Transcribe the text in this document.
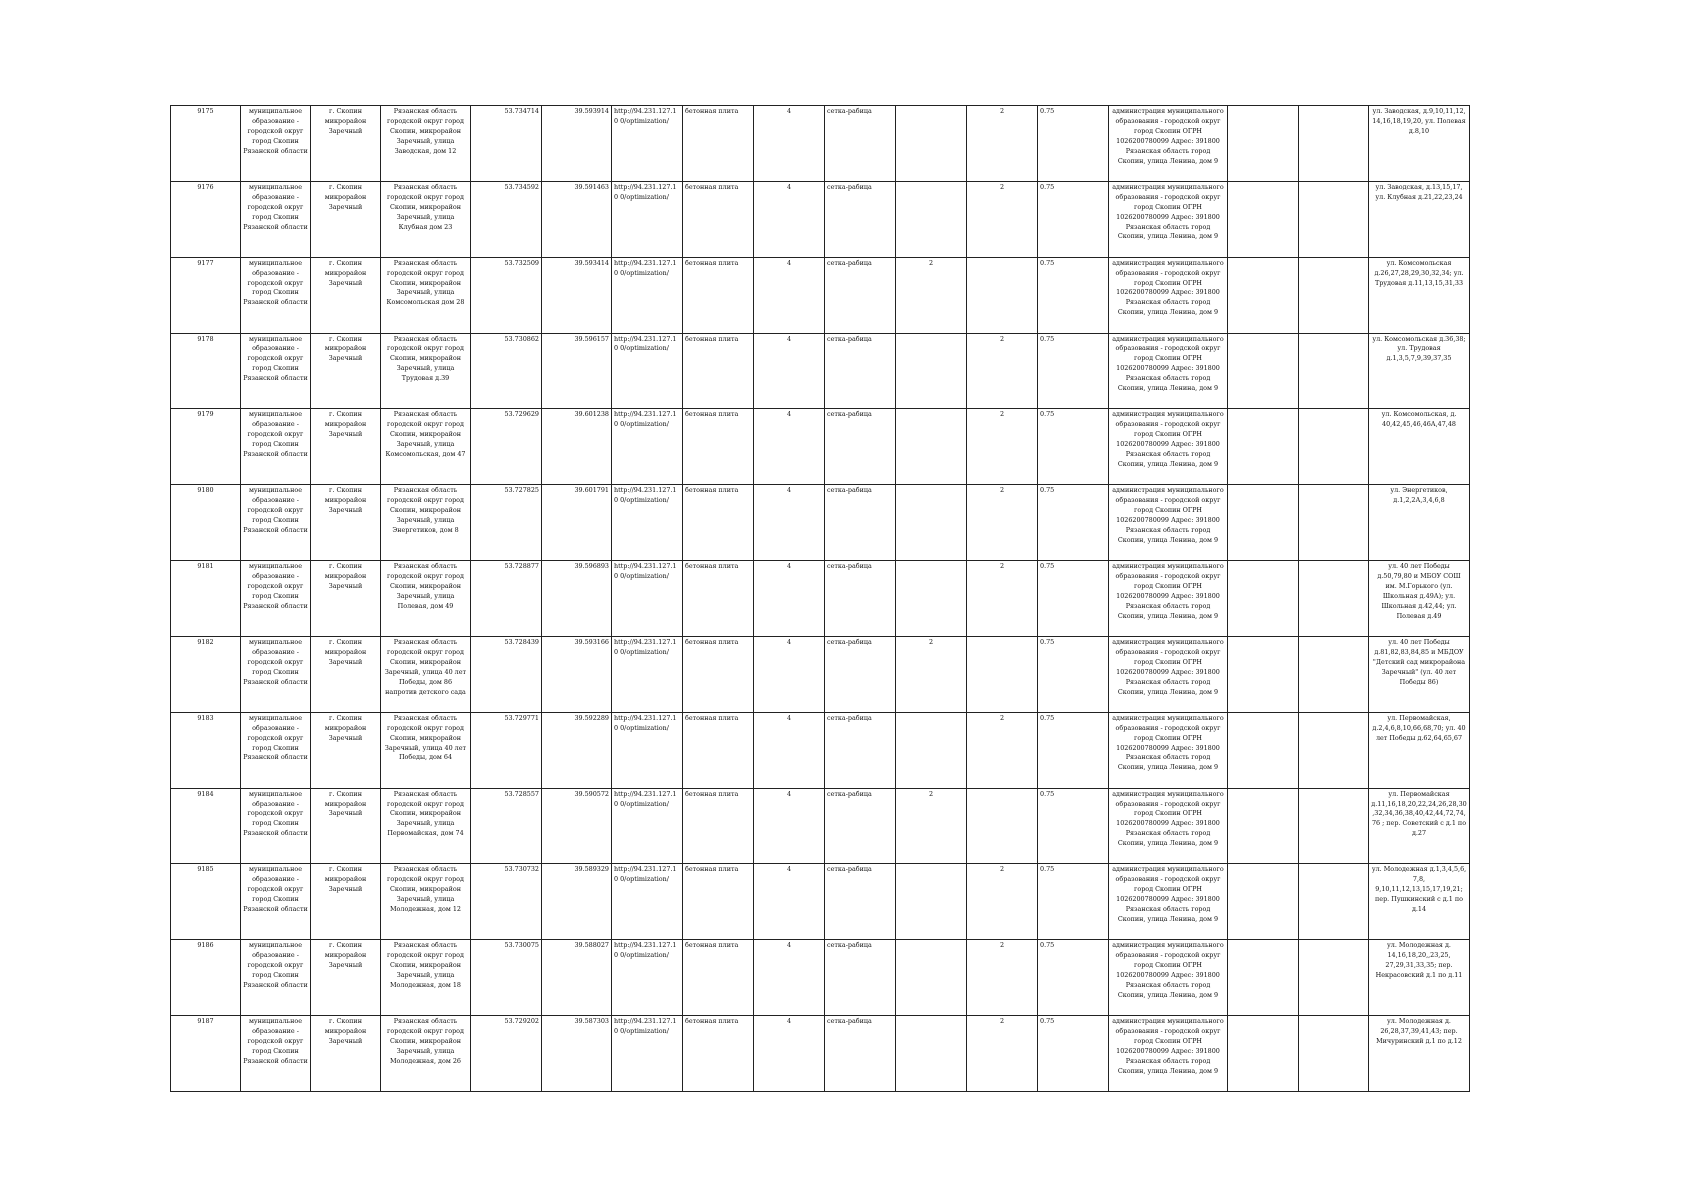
9175	муниципальное образование - городской округ город Скопин Рязанской области	г. Скопин микрорайон Заречный	Рязанская область городской округ город Скопин, микрорайон Заречный, улица Заводская, дом 12	53.734714	39.593914	http://94.231.127.10 0/optimization/	бетонная плита	4	сетка-рабица		2	0.75	администрация муниципального образования - городской округ город Скопин ОГРН 1026200780099 Адрес: 391800 Рязанская область город Скопин, улица Ленина, дом 9			ул. Заводская, д.9,10,11,12, 14,16,18,19,20, ул. Полевая д.8,10
9176	муниципальное образование - городской округ город Скопин Рязанской области	г. Скопин микрорайон Заречный	Рязанская область городской округ город Скопин, микрорайон Заречный, улица Клубная дом 23	53.734592	39.591463	http://94.231.127.10 0/optimization/	бетонная плита	4	сетка-рабица		2	0.75	администрация муниципального образования - городской округ город Скопин ОГРН 1026200780099 Адрес: 391800 Рязанская область город Скопин, улица Ленина, дом 9			ул. Заводская, д.13,15,17, ул. Клубная д.21,22,23,24
9177	муниципальное образование - городской округ город Скопин Рязанской области	г. Скопин микрорайон Заречный	Рязанская область городской округ город Скопин, микрорайон Заречный, улица Комсомольская дом 28	53.732509	39.593414	http://94.231.127.10 0/optimization/	бетонная плита	4	сетка-рабица	2		0.75	администрация муниципального образования - городской округ город Скопин ОГРН 1026200780099 Адрес: 391800 Рязанская область город Скопин, улица Ленина, дом 9			ул. Комсомольская д.26,27,28,29,30,32,34; ул. Трудовая д.11,13,15,31,33
9178	муниципальное образование - городской округ город Скопин Рязанской области	г. Скопин микрорайон Заречный	Рязанская область городской округ город Скопин, микрорайон Заречный, улица Трудовая д.39	53.730862	39.596157	http://94.231.127.10 0/optimization/	бетонная плита	4	сетка-рабица		2	0.75	администрация муниципального образования - городской округ город Скопин ОГРН 1026200780099 Адрес: 391800 Рязанская область город Скопин, улица Ленина, дом 9			ул. Комсомольская д.36,38; ул. Трудовая д.1,3,5,7,9,39,37,35
9179	муниципальное образование - городской округ город Скопин Рязанской области	г. Скопин микрорайон Заречный	Рязанская область городской округ город Скопин, микрорайон Заречный, улица Комсомольская, дом 47	53.729629	39.601238	http://94.231.127.10 0/optimization/	бетонная плита	4	сетка-рабица		2	0.75	администрация муниципального образования - городской округ город Скопин ОГРН 1026200780099 Адрес: 391800 Рязанская область город Скопин, улица Ленина, дом 9			ул. Комсомольская, д. 40,42,45,46,46А,47,48
9180	муниципальное образование - городской округ город Скопин Рязанской области	г. Скопин микрорайон Заречный	Рязанская область городской округ город Скопин, микрорайон Заречный, улица Энергетиков, дом 8	53.727825	39.601791	http://94.231.127.10 0/optimization/	бетонная плита	4	сетка-рабица		2	0.75	администрация муниципального образования - городской округ город Скопин ОГРН 1026200780099 Адрес: 391800 Рязанская область город Скопин, улица Ленина, дом 9			ул. Энергетиков, д.1,2,2А,3,4,6,8
9181	муниципальное образование - городской округ город Скопин Рязанской области	г. Скопин микрорайон Заречный	Рязанская область городской округ город Скопин, микрорайон Заречный, улица Полевая, дом 49	53.728877	39.596893	http://94.231.127.10 0/optimization/	бетонная плита	4	сетка-рабица		2	0.75	администрация муниципального образования - городской округ город Скопин ОГРН 1026200780099 Адрес: 391800 Рязанская область город Скопин, улица Ленина, дом 9			ул. 40 лет Победы д.50,79,80 и МБОУ СОШ им. М.Горького (ул. Школьная д.49А); ул. Школьная д.42,44; ул. Полевая д.49
9182	муниципальное образование - городской округ город Скопин Рязанской области	г. Скопин микрорайон Заречный	Рязанская область городской округ город Скопин, микрорайон Заречный, улица 40 лет Победы, дом 86 напротив детского сада	53.728439	39.593166	http://94.231.127.10 0/optimization/	бетонная плита	4	сетка-рабица	2		0.75	администрация муниципального образования - городской округ город Скопин ОГРН 1026200780099 Адрес: 391800 Рязанская область город Скопин, улица Ленина, дом 9			ул. 40 лет Победы д.81,82,83,84,85 и МБДОУ "Детский сад микрорайона Заречный" (ул. 40 лет Победы 86)
9183	муниципальное образование - городской округ город Скопин Рязанской области	г. Скопин микрорайон Заречный	Рязанская область городской округ город Скопин, микрорайон Заречный, улица 40 лет Победы, дом 64	53.729771	39.592289	http://94.231.127.10 0/optimization/	бетонная плита	4	сетка-рабица		2	0.75	администрация муниципального образования - городской округ город Скопин ОГРН 1026200780099 Адрес: 391800 Рязанская область город Скопин, улица Ленина, дом 9			ул. Первомайская, д.2,4,6,8,10,66,68,70; ул. 40 лет Победы д.62,64,65,67
9184	муниципальное образование - городской округ город Скопин Рязанской области	г. Скопин микрорайон Заречный	Рязанская область городской округ город Скопин, микрорайон Заречный, улица Первомайская, дом 74	53.728557	39.590572	http://94.231.127.10 0/optimization/	бетонная плита	4	сетка-рабица	2		0.75	администрация муниципального образования - городской округ город Скопин ОГРН 1026200780099 Адрес: 391800 Рязанская область город Скопин, улица Ленина, дом 9			ул. Первомайская д.11,16,18,20,22,24,26,28,30,32,34,36,38,40,42,44,72,74,76 ; пер. Советский с д.1 по д.27
9185	муниципальное образование - городской округ город Скопин Рязанской области	г. Скопин микрорайон Заречный	Рязанская область городской округ город Скопин, микрорайон Заречный, улица Молодежная, дом 12	53.730732	39.589329	http://94.231.127.10 0/optimization/	бетонная плита	4	сетка-рабица		2	0.75	администрация муниципального образования - городской округ город Скопин ОГРН 1026200780099 Адрес: 391800 Рязанская область город Скопин, улица Ленина, дом 9			ул. Молодежная д.1,3,4,5,6, 7,8, 9,10,11,12,13,15,17,19,21; пер. Пушкинский с д.1 по д.14
9186	муниципальное образование - городской округ город Скопин Рязанской области	г. Скопин микрорайон Заречный	Рязанская область городской округ город Скопин, микрорайон Заречный, улица Молодежная, дом 18	53.730075	39.588027	http://94.231.127.10 0/optimization/	бетонная плита	4	сетка-рабица		2	0.75	администрация муниципального образования - городской округ город Скопин ОГРН 1026200780099 Адрес: 391800 Рязанская область город Скопин, улица Ленина, дом 9			ул. Молодежная д. 14,16,18,20,,23,25, 27,29,31,33,35; пер. Некрасовский д.1 по д.11
9187	муниципальное образование - городской округ город Скопин Рязанской области	г. Скопин микрорайон Заречный	Рязанская область городской округ город Скопин, микрорайон Заречный, улица Молодежная, дом 26	53.729202	39.587303	http://94.231.127.10 0/optimization/	бетонная плита	4	сетка-рабица		2	0.75	администрация муниципального образования - городской округ город Скопин ОГРН 1026200780099 Адрес: 391800 Рязанская область город Скопин, улица Ленина, дом 9			ул. Молодежная д. 26,28,37,39,41,43; пер. Мичуринский д.1 по д.12
